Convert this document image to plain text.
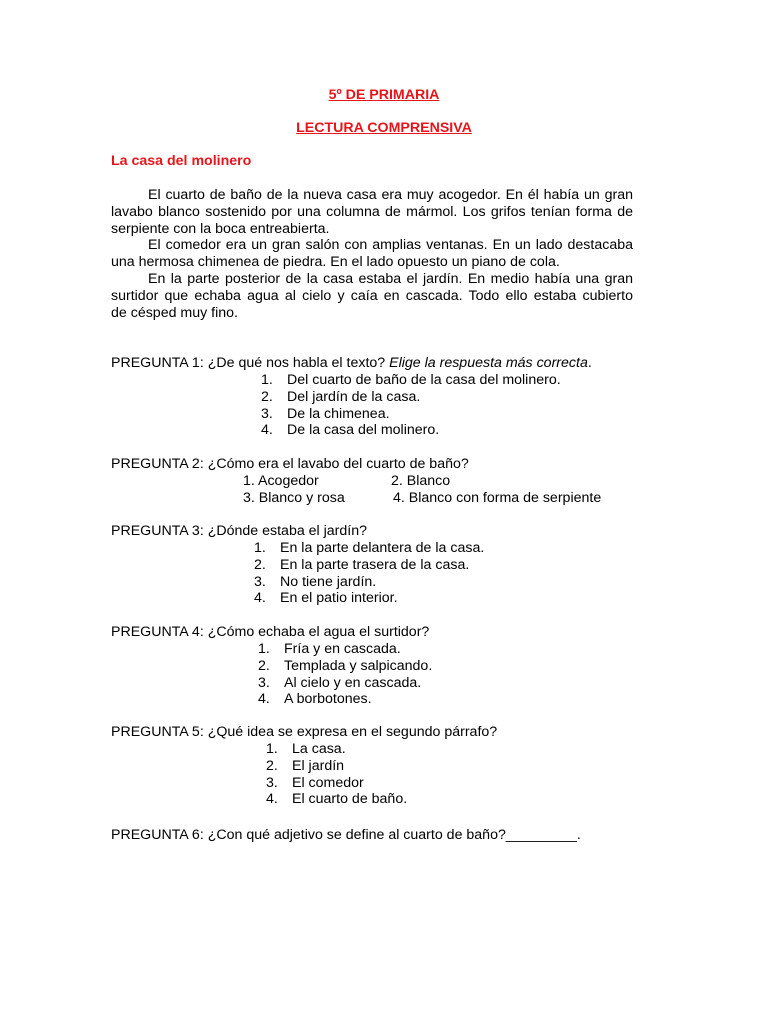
5º DE PRIMARIA
LECTURA COMPRENSIVA
La casa del molinero
El cuarto de baño de la nueva casa era muy acogedor. En él había un gran
lavabo blanco sostenido por una columna de mármol. Los grifos tenían forma de
serpiente con la boca entreabierta.
El comedor era un gran salón con amplias ventanas. En un lado destacaba
una hermosa chimenea de piedra. En el lado opuesto un piano de cola.
En la parte posterior de la casa estaba el jardín. En medio había una gran
surtidor que echaba agua al cielo y caía en cascada. Todo ello estaba cubierto
de césped muy fino.
PREGUNTA 1: ¿De qué nos habla el texto? Elige la respuesta más correcta.
1. Del cuarto de baño de la casa del molinero.
2. Del jardín de la casa.
3. De la chimenea.
4. De la casa del molinero.
PREGUNTA 2: ¿Cómo era el lavabo del cuarto de baño?
1. Acogedor	2. Blanco
3. Blanco y rosa	4. Blanco con forma de serpiente
PREGUNTA 3: ¿Dónde estaba el jardín?
1. En la parte delantera de la casa.
2. En la parte trasera de la casa.
3. No tiene jardín.
4. En el patio interior.
PREGUNTA 4: ¿Cómo echaba el agua el surtidor?
1. Fría y en cascada.
2. Templada y salpicando.
3. Al cielo y en cascada.
4. A borbotones.
PREGUNTA 5: ¿Qué idea se expresa en el segundo párrafo?
1. La casa.
2. El jardín
3. El comedor
4. El cuarto de baño.
PREGUNTA 6: ¿Con qué adjetivo se define al cuarto de baño?_________.
